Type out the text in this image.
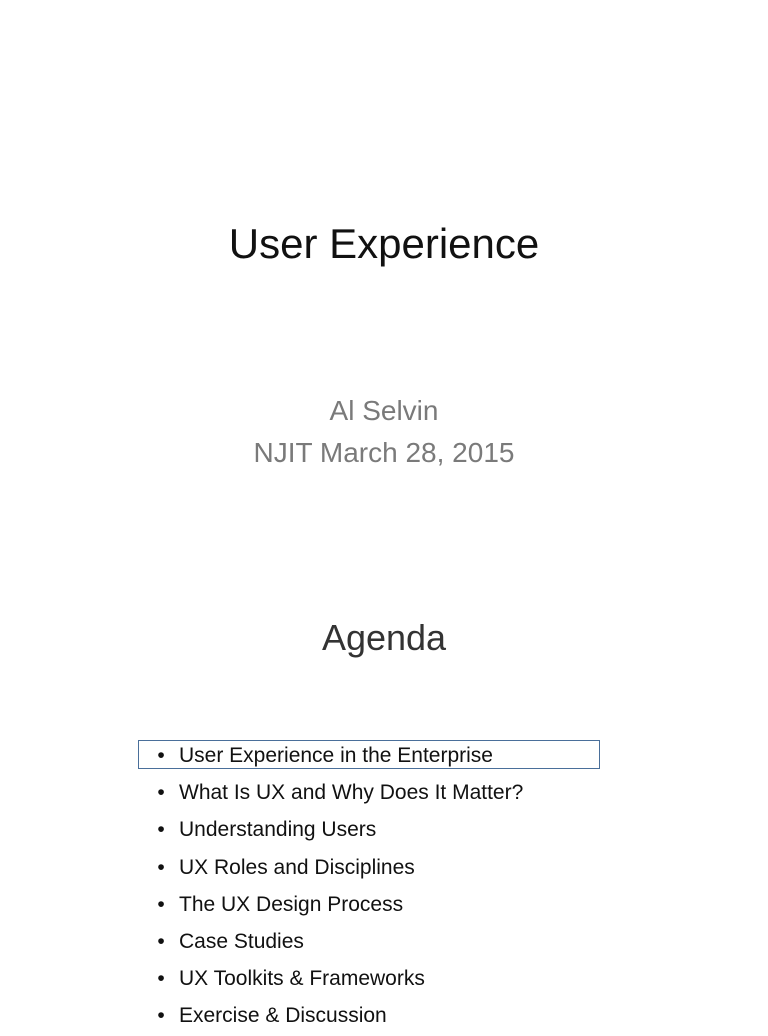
User Experience
Al Selvin
NJIT March 28, 2015
Agenda
• User Experience in the Enterprise
• What Is UX and Why Does It Matter?
• Understanding Users
• UX Roles and Disciplines
• The UX Design Process
• Case Studies
• UX Toolkits & Frameworks
• Exercise & Discussion
